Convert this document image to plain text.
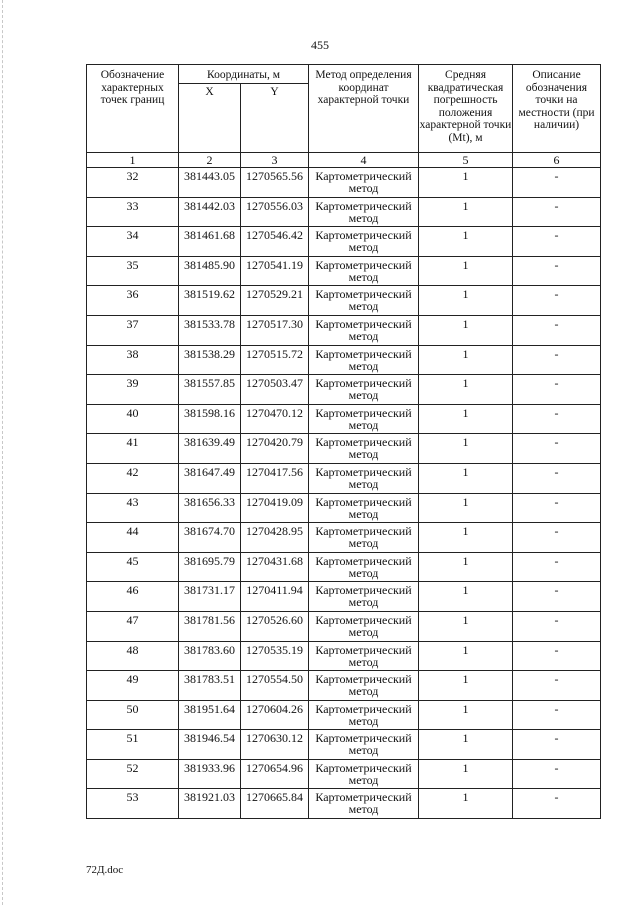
455
Обозначение характерных точек границ	Координаты, м		Метод определения координат характерной точки	Средняя квадратическая погрешность положения характерной точки (Mt), м	Описание обозначения точки на местности (при наличии)
	X	Y			
1	2	3	4	5	6
32	381443.05	1270565.56	Картометрический метод	1	-
33	381442.03	1270556.03	Картометрический метод	1	-
34	381461.68	1270546.42	Картометрический метод	1	-
35	381485.90	1270541.19	Картометрический метод	1	-
36	381519.62	1270529.21	Картометрический метод	1	-
37	381533.78	1270517.30	Картометрический метод	1	-
38	381538.29	1270515.72	Картометрический метод	1	-
39	381557.85	1270503.47	Картометрический метод	1	-
40	381598.16	1270470.12	Картометрический метод	1	-
41	381639.49	1270420.79	Картометрический метод	1	-
42	381647.49	1270417.56	Картометрический метод	1	-
43	381656.33	1270419.09	Картометрический метод	1	-
44	381674.70	1270428.95	Картометрический метод	1	-
45	381695.79	1270431.68	Картометрический метод	1	-
46	381731.17	1270411.94	Картометрический метод	1	-
47	381781.56	1270526.60	Картометрический метод	1	-
48	381783.60	1270535.19	Картометрический метод	1	-
49	381783.51	1270554.50	Картометрический метод	1	-
50	381951.64	1270604.26	Картометрический метод	1	-
51	381946.54	1270630.12	Картометрический метод	1	-
52	381933.96	1270654.96	Картометрический метод	1	-
53	381921.03	1270665.84	Картометрический метод	1	-
72Д.doc
